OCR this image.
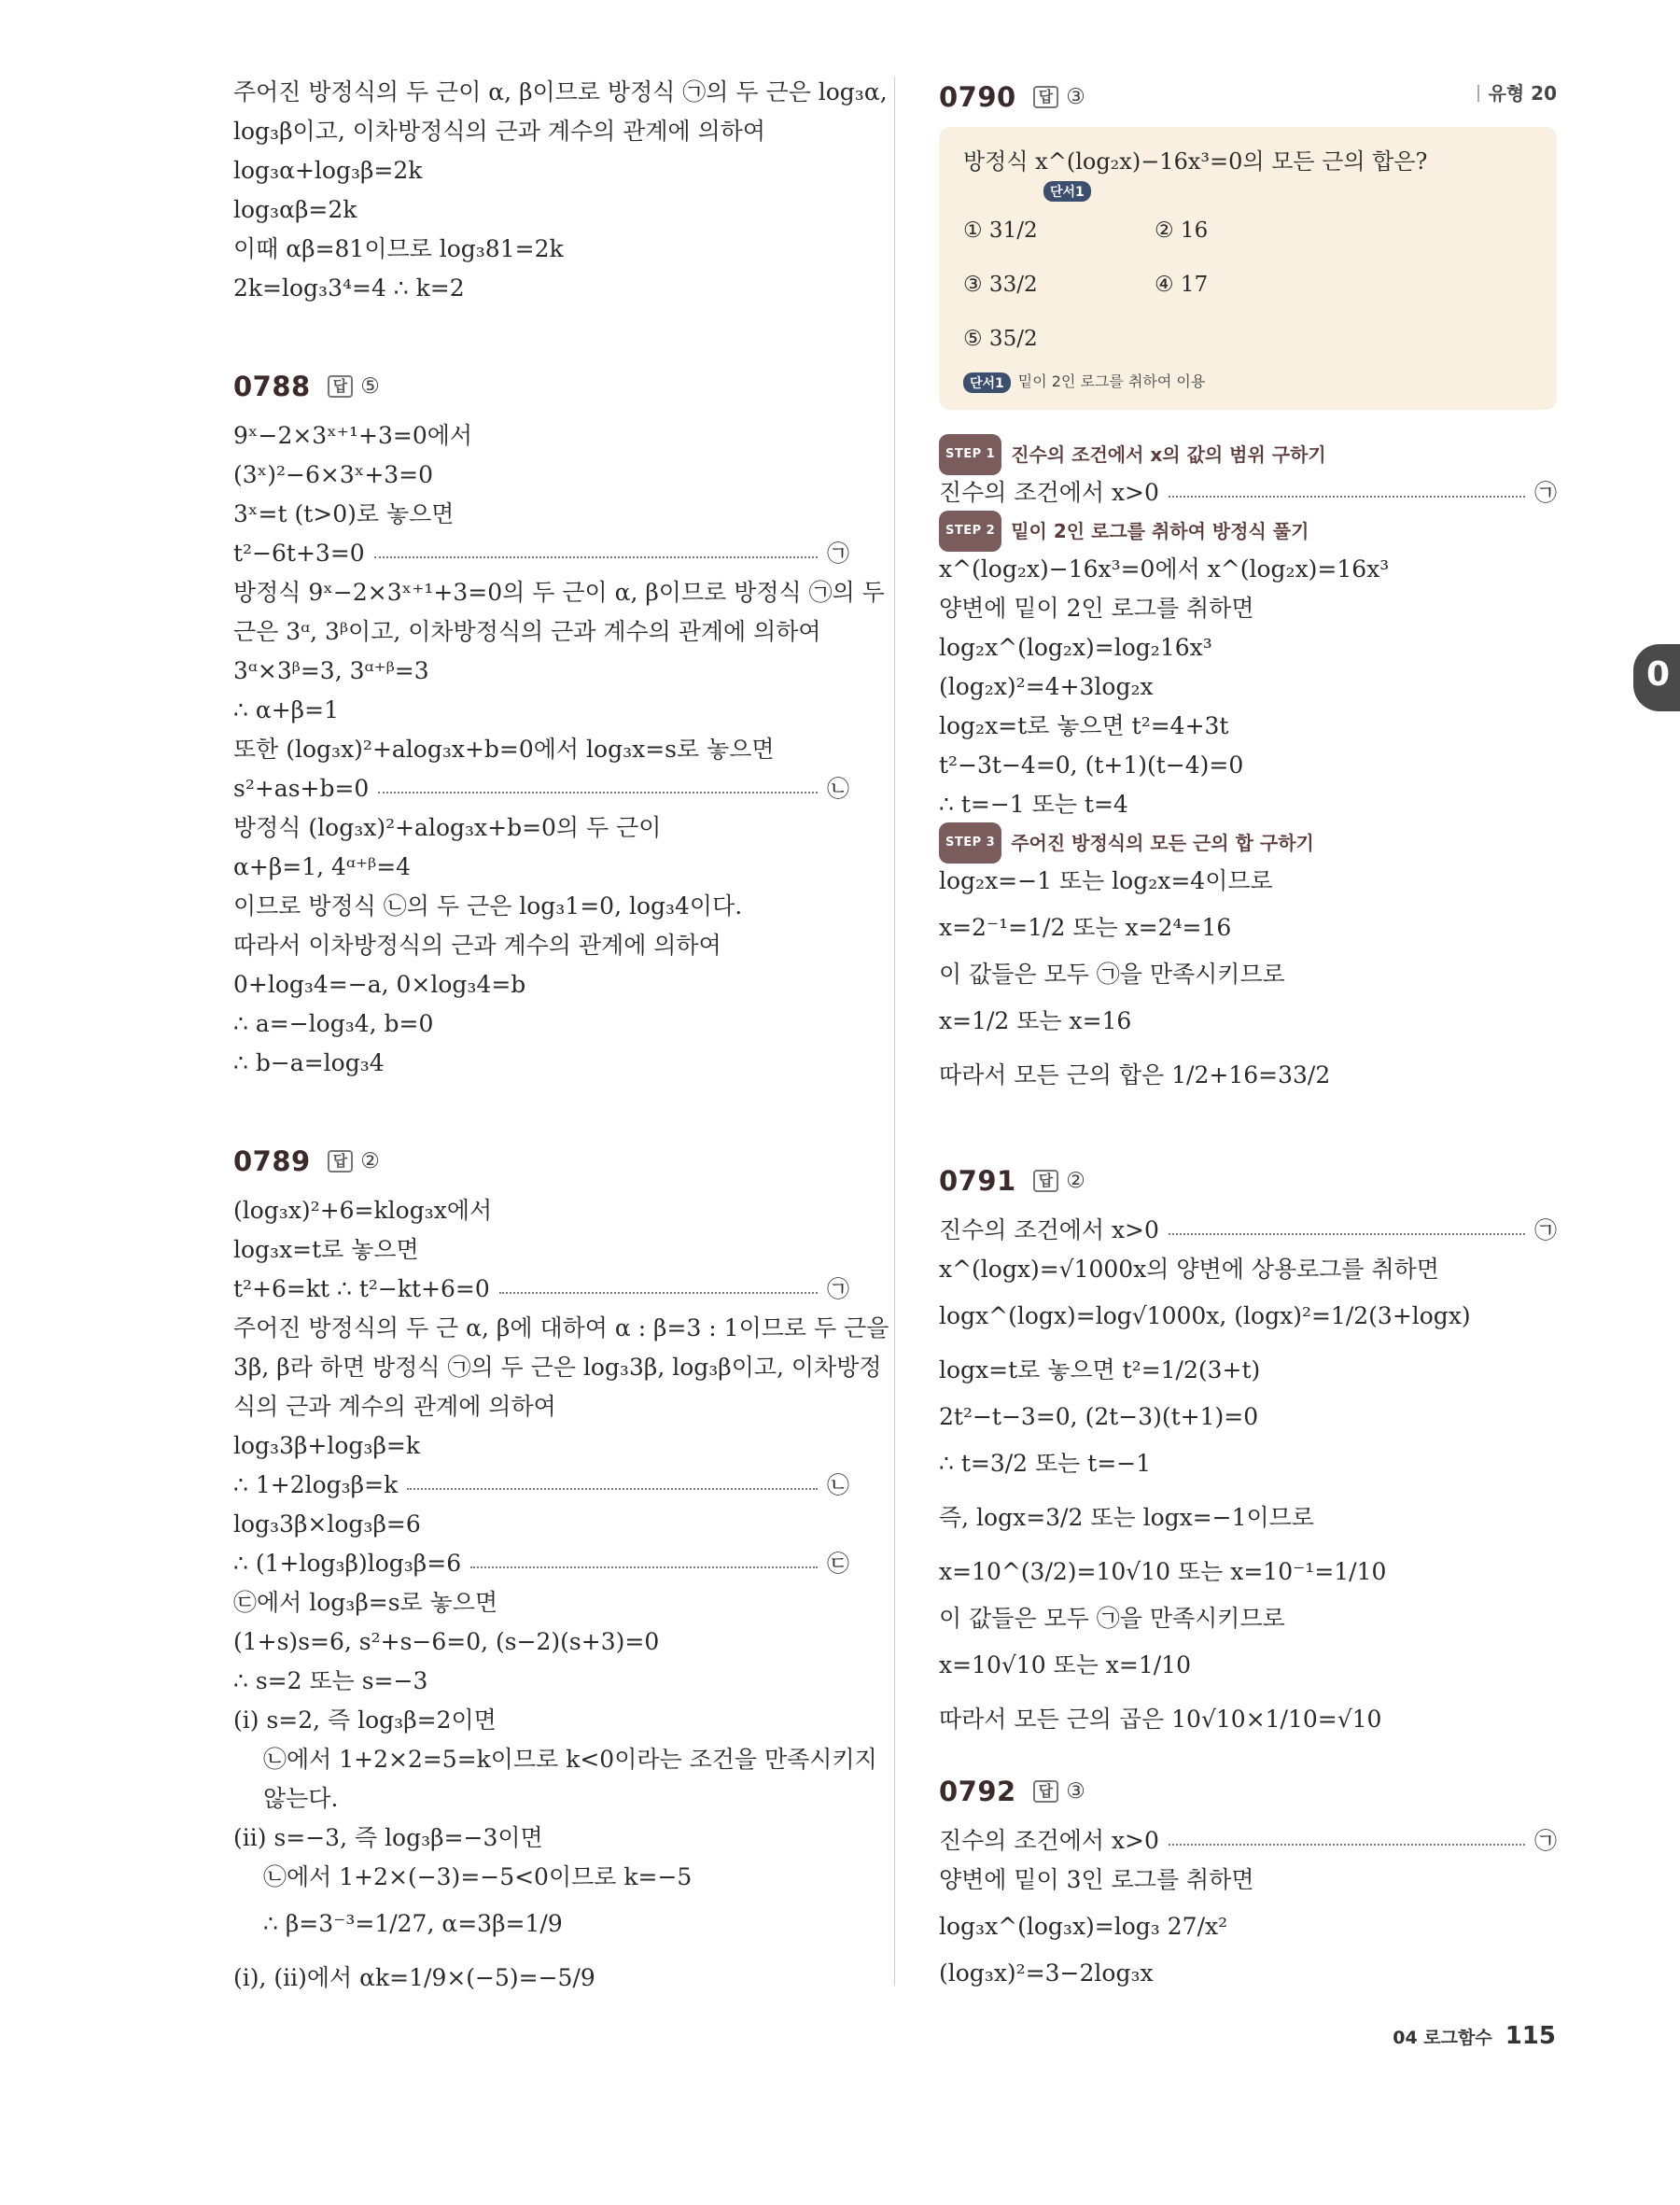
주어진 방정식의 두 근이 α, β이므로 방정식 ㉠의 두 근은 log₃α,
log₃β이고, 이차방정식의 근과 계수의 관계에 의하여
log₃α+log₃β=2k
log₃αβ=2k
이때 αβ=81이므로 log₃81=2k
2k=log₃3⁴=4 ∴ k=2
0788	답 ⑤
9ˣ−2×3ˣ⁺¹+3=0에서
(3ˣ)²−6×3ˣ+3=0
3ˣ=t (t>0)로 놓으면
t²−6t+3=0	㉠
방정식 9ˣ−2×3ˣ⁺¹+3=0의 두 근이 α, β이므로 방정식 ㉠의 두
근은 3ᵅ, 3ᵝ이고, 이차방정식의 근과 계수의 관계에 의하여
3ᵅ×3ᵝ=3, 3ᵅ⁺ᵝ=3
∴ α+β=1
또한 (log₃x)²+alog₃x+b=0에서 log₃x=s로 놓으면
s²+as+b=0	㉡
방정식 (log₃x)²+alog₃x+b=0의 두 근이
α+β=1, 4ᵅ⁺ᵝ=4
이므로 방정식 ㉡의 두 근은 log₃1=0, log₃4이다.
따라서 이차방정식의 근과 계수의 관계에 의하여
0+log₃4=−a, 0×log₃4=b
∴ a=−log₃4, b=0
∴ b−a=log₃4
0789	답 ②
(log₃x)²+6=klog₃x에서
log₃x=t로 놓으면
t²+6=kt ∴ t²−kt+6=0	㉠
주어진 방정식의 두 근 α, β에 대하여 α : β=3 : 1이므로 두 근을
3β, β라 하면 방정식 ㉠의 두 근은 log₃3β, log₃β이고, 이차방정
식의 근과 계수의 관계에 의하여
log₃3β+log₃β=k
∴ 1+2log₃β=k	㉡
log₃3β×log₃β=6
∴ (1+log₃β)log₃β=6	㉢
㉢에서 log₃β=s로 놓으면
(1+s)s=6, s²+s−6=0, (s−2)(s+3)=0
∴ s=2 또는 s=−3
(ⅰ) s=2, 즉 log₃β=2이면
㉡에서 1+2×2=5=k이므로 k<0이라는 조건을 만족시키지
않는다.
(ⅱ) s=−3, 즉 log₃β=−3이면
㉡에서 1+2×(−3)=−5<0이므로 k=−5
∴ β=3⁻³=1/27, α=3β=1/9
(ⅰ), (ⅱ)에서 αk=1/9×(−5)=−5/9
0790	답 ③	유형 20
방정식 x^(log₂x)−16x³=0의 모든 근의 합은?
단서1
① 31/2	② 16
③ 33/2	④ 17
⑤ 35/2
단서1 밑이 2인 로그를 취하여 이용
STEP 1 진수의 조건에서 x의 값의 범위 구하기
진수의 조건에서 x>0	㉠
STEP 2 밑이 2인 로그를 취하여 방정식 풀기
x^(log₂x)−16x³=0에서 x^(log₂x)=16x³
양변에 밑이 2인 로그를 취하면
log₂x^(log₂x)=log₂16x³
(log₂x)²=4+3log₂x
log₂x=t로 놓으면 t²=4+3t
t²−3t−4=0, (t+1)(t−4)=0
∴ t=−1 또는 t=4
STEP 3 주어진 방정식의 모든 근의 합 구하기
log₂x=−1 또는 log₂x=4이므로
x=2⁻¹=1/2 또는 x=2⁴=16
이 값들은 모두 ㉠을 만족시키므로
x=1/2 또는 x=16
따라서 모든 근의 합은 1/2+16=33/2
0791	답 ②
진수의 조건에서 x>0	㉠
x^(logx)=√1000x의 양변에 상용로그를 취하면
logx^(logx)=log√1000x, (logx)²=1/2(3+logx)
logx=t로 놓으면 t²=1/2(3+t)
2t²−t−3=0, (2t−3)(t+1)=0
∴ t=3/2 또는 t=−1
즉, logx=3/2 또는 logx=−1이므로
x=10^(3/2)=10√10 또는 x=10⁻¹=1/10
이 값들은 모두 ㉠을 만족시키므로
x=10√10 또는 x=1/10
따라서 모든 근의 곱은 10√10×1/10=√10
0792	답 ③
진수의 조건에서 x>0	㉠
양변에 밑이 3인 로그를 취하면
log₃x^(log₃x)=log₃ 27/x²
(log₃x)²=3−2log₃x
0
04 로그함수 115
